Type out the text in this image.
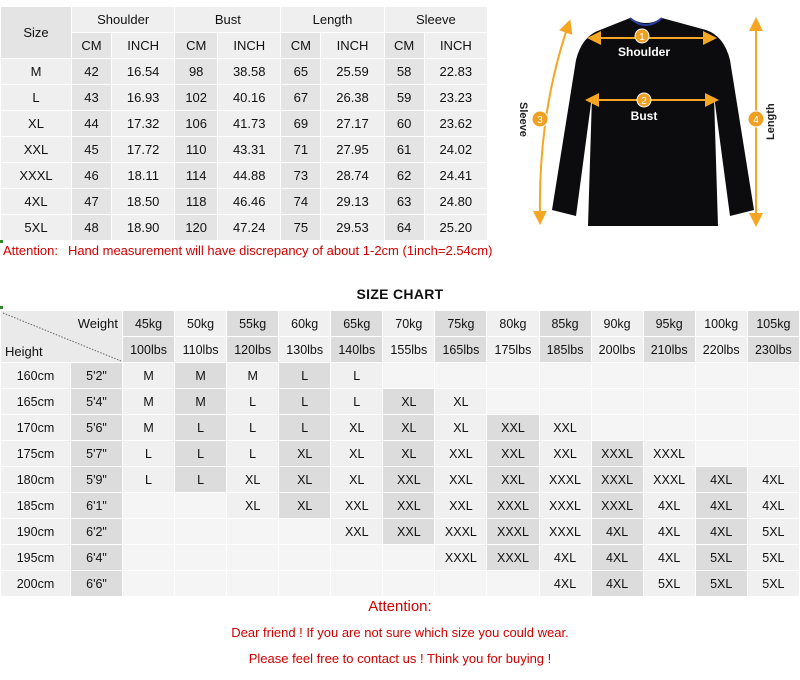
Size	Shoulder		Bust		Length		Sleeve	
	CM	INCH	CM	INCH	CM	INCH	CM	INCH
M	42	16.54	98	38.58	65	25.59	58	22.83
L	43	16.93	102	40.16	67	26.38	59	23.23
XL	44	17.32	106	41.73	69	27.17	60	23.62
XXL	45	17.72	110	43.31	71	27.95	61	24.02
XXXL	46	18.11	114	44.88	73	28.74	62	24.41
4XL	47	18.50	118	46.46	74	29.13	63	24.80
5XL	48	18.90	120	47.24	75	29.53	64	25.20
Attention: Hand measurement will have discrepancy of about 1-2cm (1inch=2.54cm)
1
Shoulder
2
Bust
3
Sleeve	4 Length
SIZE CHART
Weight
Height		45kg	50kg	55kg	60kg	65kg	70kg	75kg	80kg	85kg	90kg	95kg	100kg	105kg
		100lbs	110lbs	120lbs	130lbs	140lbs	155lbs	165lbs	175lbs	185lbs	200lbs	210lbs	220lbs	230lbs
160cm	5'2"	M	M	M	L	L								
165cm	5'4"	M	M	L	L	L	XL	XL						
170cm	5'6"	M	L	L	L	XL	XL	XL	XXL	XXL				
175cm	5'7"	L	L	L	XL	XL	XL	XXL	XXL	XXL	XXXL	XXXL		
180cm	5'9"	L	L	XL	XL	XL	XXL	XXL	XXL	XXXL	XXXL	XXXL	4XL	4XL
185cm	6'1"			XL	XL	XXL	XXL	XXL	XXXL	XXXL	XXXL	4XL	4XL	4XL
190cm	6'2"					XXL	XXL	XXXL	XXXL	XXXL	4XL	4XL	4XL	5XL
195cm	6'4"							XXXL	XXXL	4XL	4XL	4XL	5XL	5XL
200cm	6'6"									4XL	4XL	5XL	5XL	5XL
Attention:
Dear friend ! If you are not sure which size you could wear.
Please feel free to contact us ! Think you for buying !
